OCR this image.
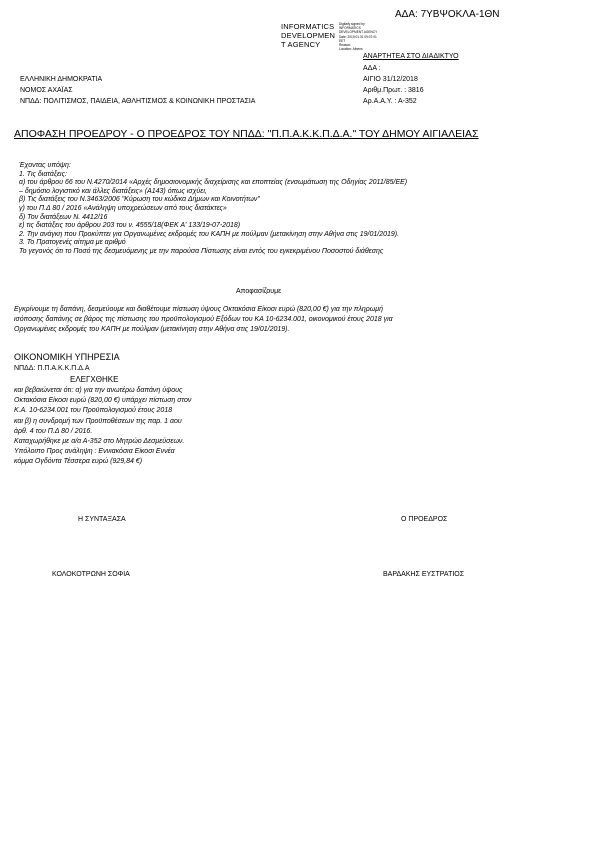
ΑΔΑ: 7ΥΒΨΟΚΛΑ-1ΘΝ
INFORMATICS
DEVELOPMEN
T AGENCY
Digitally signed by
INFORMATICS
DEVELOPMENT AGENCY
Date: 2019.01.31 09:07:01
EET
Reason:
Location: Athens
ΑΝΑΡΤΗΤΕΑ ΣΤΟ ΔΙΑΔΙΚΤΥΟ
ΕΛΛΗΝΙΚΗ ΔΗΜΟΚΡΑΤΙΑ
ΝΟΜΟΣ ΑΧΑΪΑΣ
ΝΠΔΔ: ΠΟΛΙΤΙΣΜΟΣ, ΠΑΙΔΕΙΑ, ΑΘΛΗΤΙΣΜΟΣ & ΚΟΙΝΩΝΙΚΗ ΠΡΟΣΤΑΣΙΑ
ΑΔΑ :
ΑΙΓΙΟ 31/12/2018
Αριθμ.Πρωτ. : 3816
Αρ.Α.Α.Υ. : Α-352
ΑΠΟΦΑΣΗ ΠΡΟΕΔΡΟΥ - Ο ΠΡΟΕΔΡΟΣ ΤΟΥ ΝΠΔΔ: "Π.Π.Α.Κ.Κ.Π.Δ.Α." ΤΟΥ ΔΗΜΟΥ ΑΙΓΙΑΛΕΙΑΣ
Έχοντας υπόψη:
1. Τις διατάξεις:
α) του άρθρου 66 του Ν.4270/2014 «Αρχές δημοσιονομικής διαχείρισης και εποπτείας (ενσωμάτωση της Οδηγίας 2011/85/ΕΕ)
– δημόσιο λογιστικό και άλλες διατάξεις» (Α143) όπως ισχύει,
β) Τις διατάξεις του Ν.3463/2006 "Κύρωση του κώδικα Δήμων και Κοινοτήτων"
γ) του Π.Δ 80 / 2016 «Ανάληψη υποχρεώσεων από τους διατάκτες»
δ) Τον διατάξεων Ν. 4412/16
ε) τις διατάξεις του άρθρου 203 του ν. 4555/18(ΦΕΚ Α' 133/19-07-2018)
2. Την ανάγκη που Προκύπτει για Οργανωμένες εκδρομές του ΚΑΠΗ με πούλμαν (μετακίνηση στην Αθήνα στις 19/01/2019).
3. Το Πρατογενές αίτημα με αριθμό
Το γεγονός ότι το Ποσό της δεσμευόμενης με την παρούσα Πίστωσης είναι εντός του εγκεκριμένου Ποσοστού διάθεσης
Αποφασίζουμε
Εγκρίνουμε τη δαπάνη, δεσμεύουμε και διαθέτουμε πίστωση ύψους Οκτακόσια Είκοσι ευρώ (820,00 €) για την πληρωμή
ισόποσης δαπάνης σε βάρος της πίστωσης του προϋπολογισμού Εξόδων του ΚΑ 10-6234.001, οικονομικού έτους 2018 για
Οργανωμένες εκδρομές του ΚΑΠΗ με πούλμαν (μετακίνηση στην Αθήνα στις 19/01/2019).
ΟΙΚΟΝΟΜΙΚΗ ΥΠΗΡΕΣΙΑ
ΝΠΔΔ: Π.Π.Α.Κ.Κ.Π.Δ.Α
ΕΛΕΓΧΘΗΚΕ
και βεβαιώνεται ότι: α) για την ανωτέρω δαπάνη ύψους
Οκτακόσια Είκοσι ευρώ (820,00 €) υπάρχει πίστωση στον
Κ.Α. 10-6234.001 του Προϋπολογισμού έτους 2018
και β) η συνδρομή των Προϋποθέσεων της παρ. 1 αου
άρθ. 4 του Π.Δ 80 / 2016.
Καταχωρήθηκε με α/α Α-352 στο Μητρώο Δεσμεύσεων.
Υπόλοιπο Προς ανάληψη : Εννιακόσια Είκοσι Εννέα
κόμμα Ογδόντα Τέσσερα ευρώ (929,84 €)
Η ΣΥΝΤΑΞΑΣΑ	Ο ΠΡΟΕΔΡΟΣ
ΚΟΛΟΚΟΤΡΩΝΗ ΣΟΦΙΑ	ΒΑΡΔΑΚΗΣ ΕΥΣΤΡΑΤΙΟΣ
